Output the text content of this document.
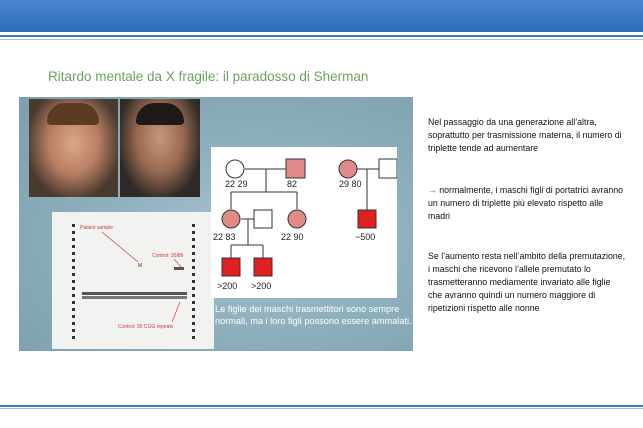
Ritardo mentale da X fragile: il paradosso di Sherman
Patient sample
Control: 30/86
Control: 30 CGG repeats
M
22 29	82	29 80
22 83	22 90	~500
>200 >200

Le figlie dei maschi trasmettitori sono sempre normali, ma i loro figli possono essere ammalati.

Nel passaggio da una generazione all’altra, soprattutto per trasmissione materna, il numero di triplette tende ad aumentare

→ normalmente, i maschi figli di portatrici avranno un numero di triplette più elevato rispetto alle madri

Se l’aumento resta nell’ambito della premutazione, i maschi che ricevono l’allele premutato lo trasmetteranno mediamente invariato alle figlie che avranno quindi un numero maggiore di ripetizioni rispetto alle nonne
